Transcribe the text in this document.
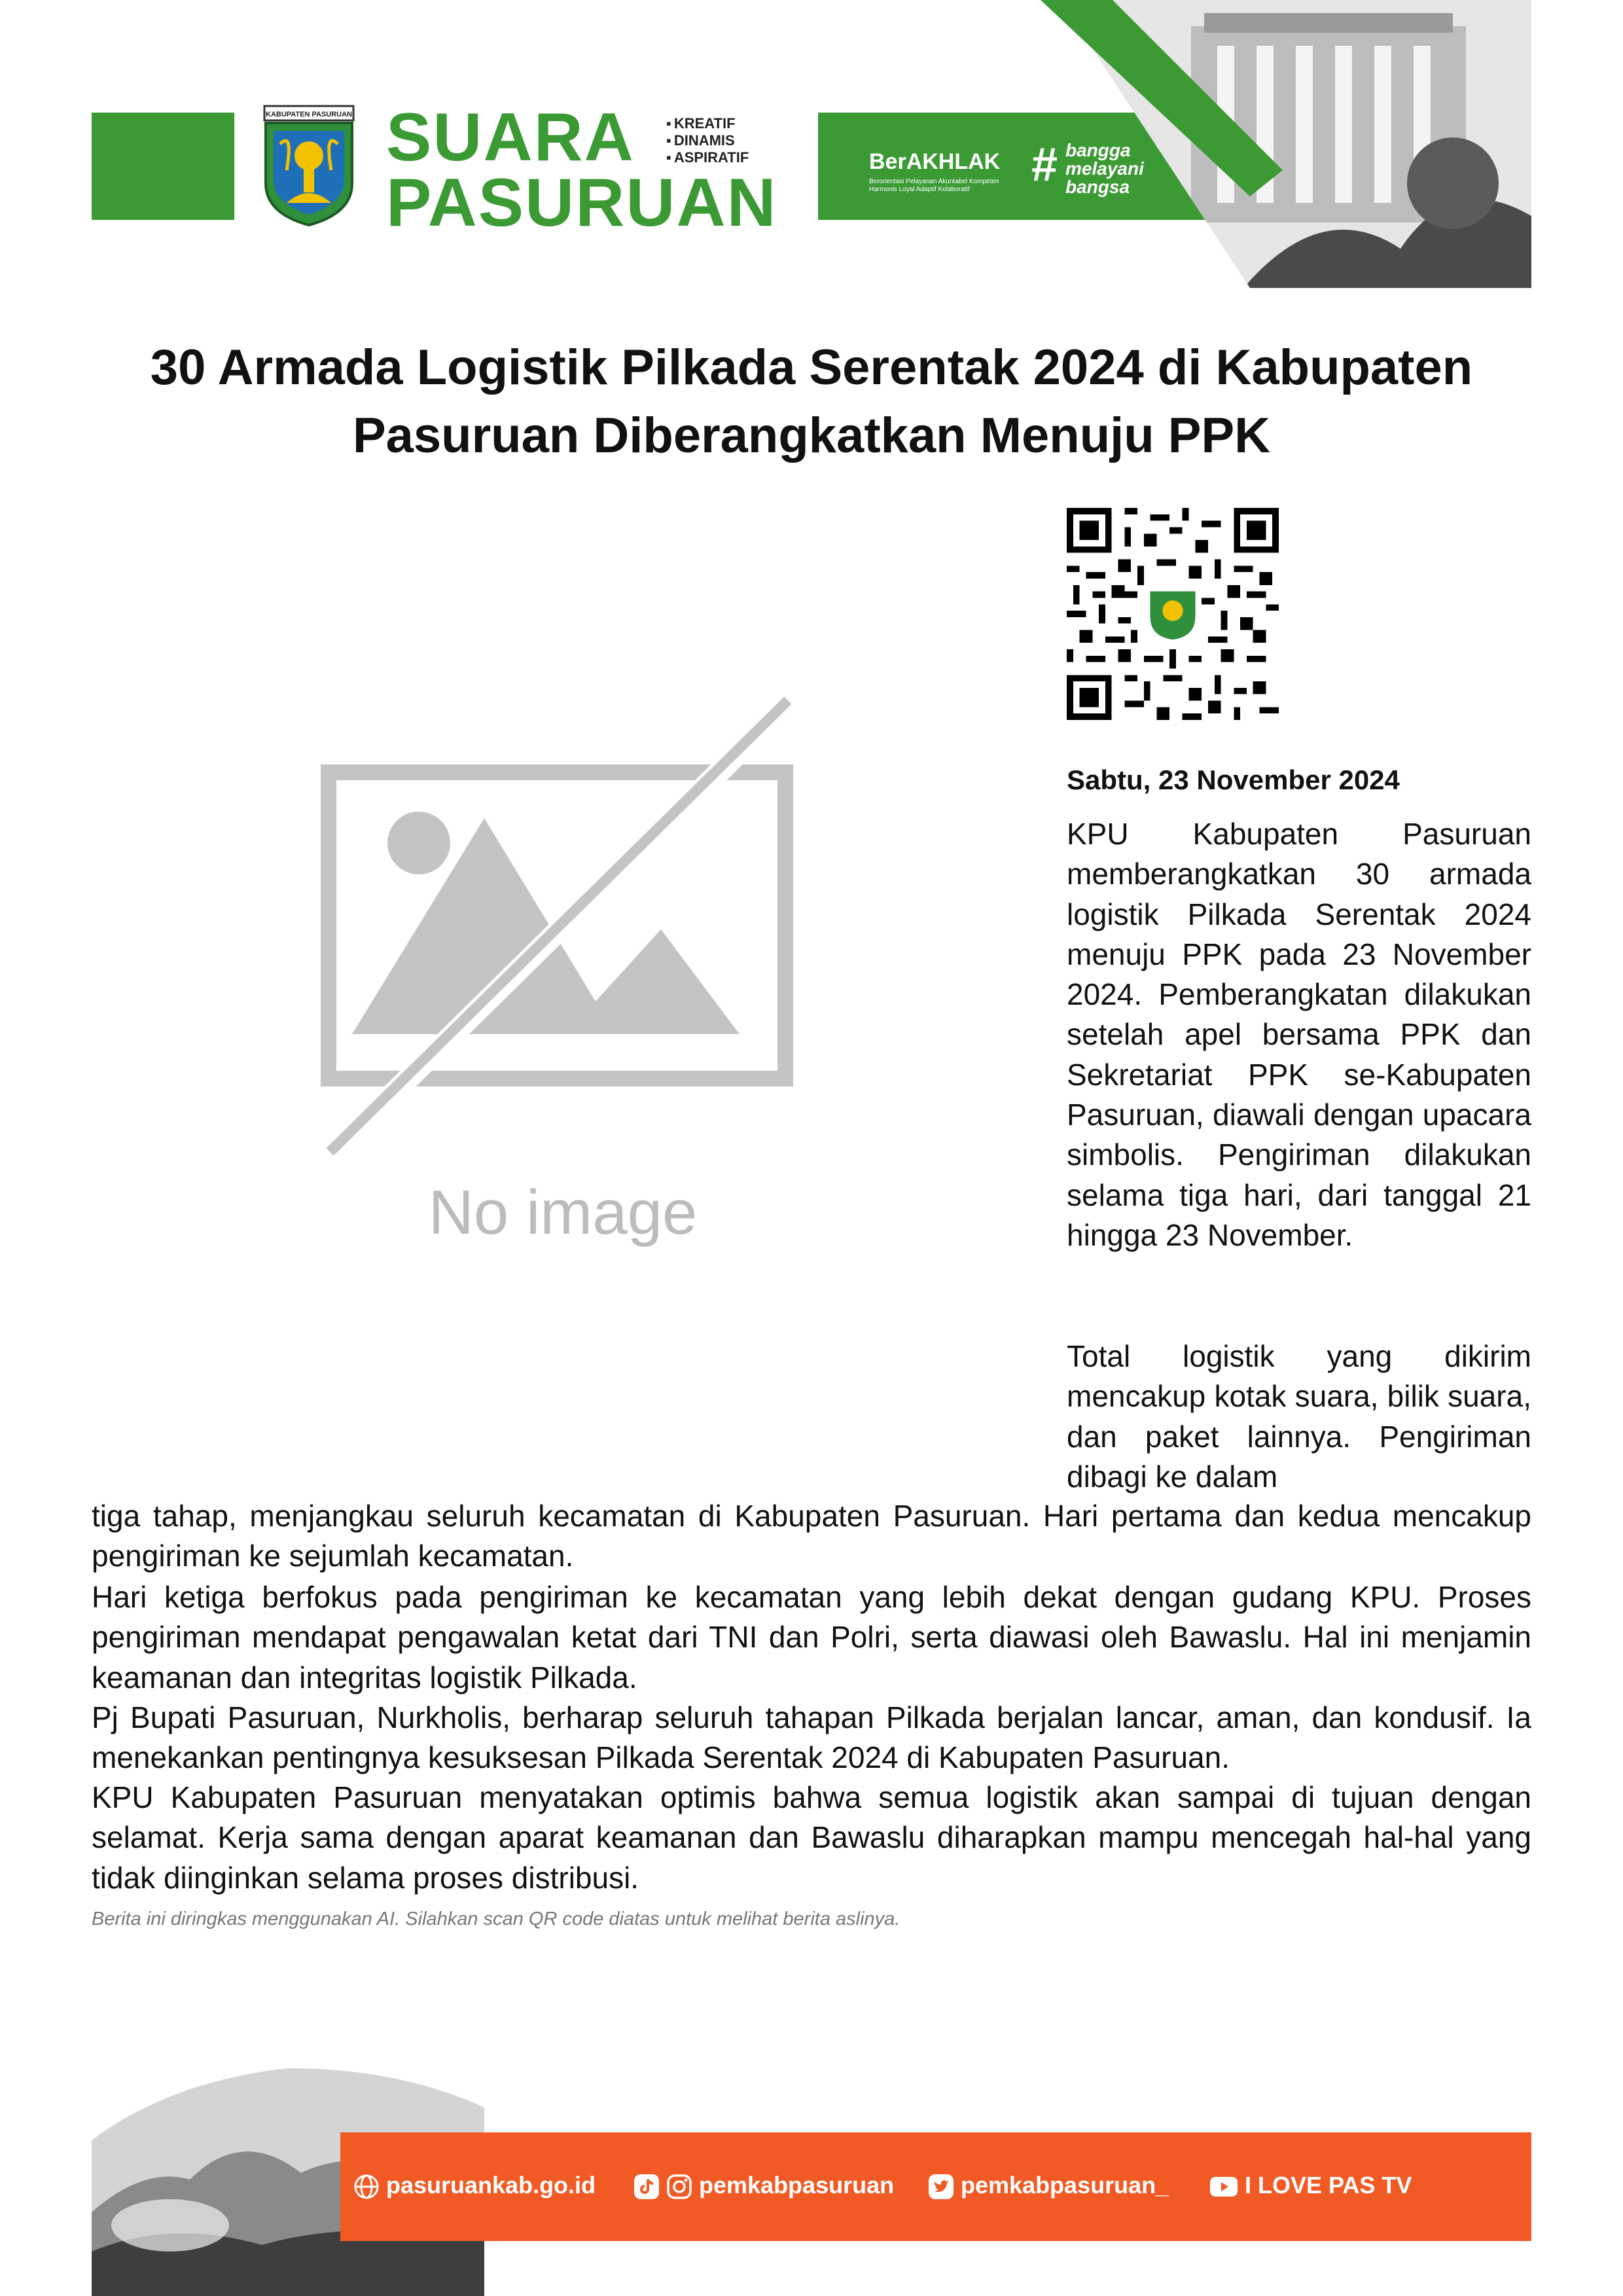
KABUPATEN PASURUAN SUARA
PASURUAN
▪ KREATIF
▪ DINAMIS
▪ ASPIRATIF	BerAKHLAK
Berorientasi Pelayanan Akuntabel Kompeten Harmonis Loyal Adaptif Kolaboratif	# bangga
melayani
bangsa
30 Armada Logistik Pilkada Serentak 2024 di Kabupaten Pasuruan Diberangkatkan Menuju PPK
No image
Sabtu, 23 November 2024
KPU Kabupaten Pasuruan memberangkatkan 30 armada logistik Pilkada Serentak 2024 menuju PPK pada 23 November 2024. Pemberangkatan dilakukan setelah apel bersama PPK dan Sekretariat PPK se-Kabupaten Pasuruan, diawali dengan upacara simbolis. Pengiriman dilakukan selama tiga hari, dari tanggal 21 hingga 23 November.
Total logistik yang dikirim mencakup kotak suara, bilik suara, dan paket lainnya. Pengiriman dibagi ke dalam
tiga tahap, menjangkau seluruh kecamatan di Kabupaten Pasuruan. Hari pertama dan kedua mencakup pengiriman ke sejumlah kecamatan.
Hari ketiga berfokus pada pengiriman ke kecamatan yang lebih dekat dengan gudang KPU. Proses pengiriman mendapat pengawalan ketat dari TNI dan Polri, serta diawasi oleh Bawaslu. Hal ini menjamin keamanan dan integritas logistik Pilkada.
Pj Bupati Pasuruan, Nurkholis, berharap seluruh tahapan Pilkada berjalan lancar, aman, dan kondusif. Ia menekankan pentingnya kesuksesan Pilkada Serentak 2024 di Kabupaten Pasuruan.
KPU Kabupaten Pasuruan menyatakan optimis bahwa semua logistik akan sampai di tujuan dengan selamat. Kerja sama dengan aparat keamanan dan Bawaslu diharapkan mampu mencegah hal-hal yang tidak diinginkan selama proses distribusi.
Berita ini diringkas menggunakan AI. Silahkan scan QR code diatas untuk melihat berita aslinya.
pasuruankab.go.id	pemkabpasuruan	pemkabpasuruan_	I LOVE PAS TV
